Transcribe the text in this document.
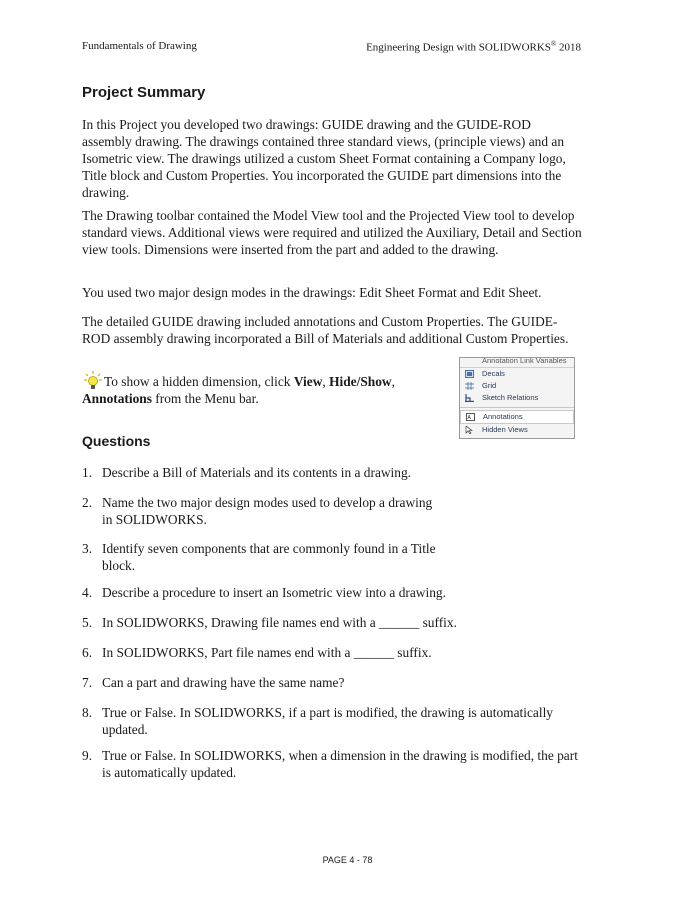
Fundamentals of Drawing	Engineering Design with SOLIDWORKS® 2018
Project Summary

In this Project you developed two drawings: GUIDE drawing and the GUIDE-ROD assembly drawing. The drawings contained three standard views, (principle views) and an Isometric view. The drawings utilized a custom Sheet Format containing a Company logo, Title block and Custom Properties. You incorporated the GUIDE part dimensions into the drawing.

The Drawing toolbar contained the Model View tool and the Projected View tool to develop standard views. Additional views were required and utilized the Auxiliary, Detail and Section view tools. Dimensions were inserted from the part and added to the drawing.

You used two major design modes in the drawings: Edit Sheet Format and Edit Sheet.

The detailed GUIDE drawing included annotations and Custom Properties. The GUIDE-ROD assembly drawing incorporated a Bill of Materials and additional Custom Properties.

To show a hidden dimension, click View, Hide/Show, Annotations from the Menu bar.
Annotation Link Variables
Decals
Grid
Sketch Relations
A Annotations
Hidden Views
Questions
1. Describe a Bill of Materials and its contents in a drawing.
2. Name the two major design modes used to develop a drawing in SOLIDWORKS.
3. Identify seven components that are commonly found in a Title block.
4. Describe a procedure to insert an Isometric view into a drawing.
5. In SOLIDWORKS, Drawing file names end with a ______ suffix.
6. In SOLIDWORKS, Part file names end with a ______ suffix.
7. Can a part and drawing have the same name?
8. True or False. In SOLIDWORKS, if a part is modified, the drawing is automatically updated.
9. True or False. In SOLIDWORKS, when a dimension in the drawing is modified, the part is automatically updated.
PAGE 4 - 78
